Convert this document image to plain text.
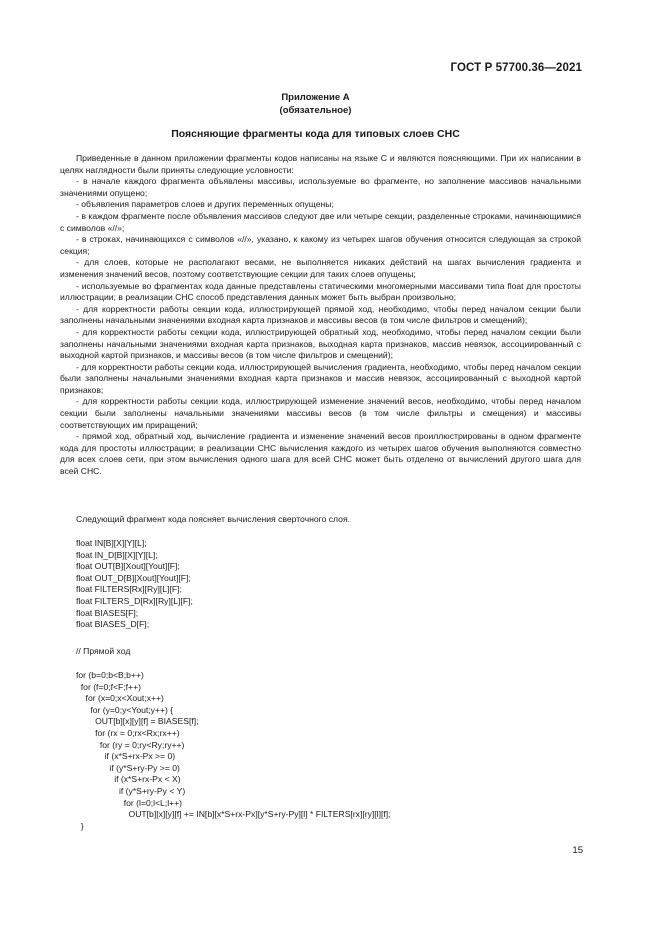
ГОСТ Р 57700.36—2021
Приложение А
(обязательное)
Поясняющие фрагменты кода для типовых слоев СНС

Приведенные в данном приложении фрагменты кодов написаны на языке С и являются поясняющими. При их написании в целях наглядности были приняты следующие условности:

- в начале каждого фрагмента объявлены массивы, используемые во фрагменте, но заполнение массивов начальными значениями опущено;

- объявления параметров слоев и других переменных опущены;

- в каждом фрагменте после объявления массивов следуют две или четыре секции, разделенные строками, начинающимися с символов «//»;

- в строках, начинающихся с символов «//», указано, к какому из четырех шагов обучения относится следующая за строкой секция;

- для слоев, которые не располагают весами, не выполняется никаких действий на шагах вычисления градиента и изменения значений весов, поэтому соответствующие секции для таких слоев опущены;

- используемые во фрагментах кода данные представлены статическими многомерными массивами типа float для простоты иллюстрации; в реализации СНС способ представления данных может быть выбран произвольно;

- для корректности работы секции кода, иллюстрирующей прямой ход, необходимо, чтобы перед началом секции были заполнены начальными значениями входная карта признаков и массивы весов (в том числе фильтров и смещений);

- для корректности работы секции кода, иллюстрирующей обратный ход, необходимо, чтобы перед началом секции были заполнены начальными значениями входная карта признаков, выходная карта признаков, массив невязок, ассоциированный с выходной картой признаков, и массивы весов (в том числе фильтров и смещений);

- для корректности работы секции кода, иллюстрирующей вычисления градиента, необходимо, чтобы перед началом секции были заполнены начальными значениями входная карта признаков и массив невязок, ассоциированный с выходной картой признаков;

- для корректности работы секции кода, иллюстрирующей изменение значений весов, необходимо, чтобы перед началом секции были заполнены начальными значениями массивы весов (в том числе фильтры и смещения) и массивы соответствующих им приращений;

- прямой ход, обратный ход, вычисление градиента и изменение значений весов проиллюстрированы в одном фрагменте кода для простоты иллюстрации; в реализации СНС вычисления каждого из четырех шагов обучения выполняются совместно для всех слоев сети, при этом вычисления одного шага для всей СНС может быть отделено от вычислений другого шага для всей СНС.

Следующий фрагмент кода поясняет вычисления сверточного слоя.
float IN[B][X][Y][L];
float IN_D[B][X][Y][L];
float OUT[B][Xout][Yout][F];
float OUT_D[B][Xout][Yout][F];
float FILTERS[Rx][Ry][L][F];
float FILTERS_D[Rx][Ry][L][F];
float BIASES[F];
float BIASES_D[F];
// Прямой ход
for (b=0;b<B;b++)
for (f=0;f<F;f++)
for (x=0;x<Xout;x++)
for (y=0;y<Yout;y++) {
OUT[b][x][y][f] = BIASES[f];
for (rx = 0;rx<Rx;rx++)
for (ry = 0;ry<Ry;ry++)
if (x*S+rx-Px >= 0)
if (y*S+ry-Py >= 0)
if (x*S+rx-Px < X)
if (y*S+ry-Py < Y)
for (l=0;l<L;l++)
OUT[b][x][y][f] += IN[b][x*S+rx-Px][y*S+ry-Py][l] * FILTERS[rx][ry][l][f];
}
15
